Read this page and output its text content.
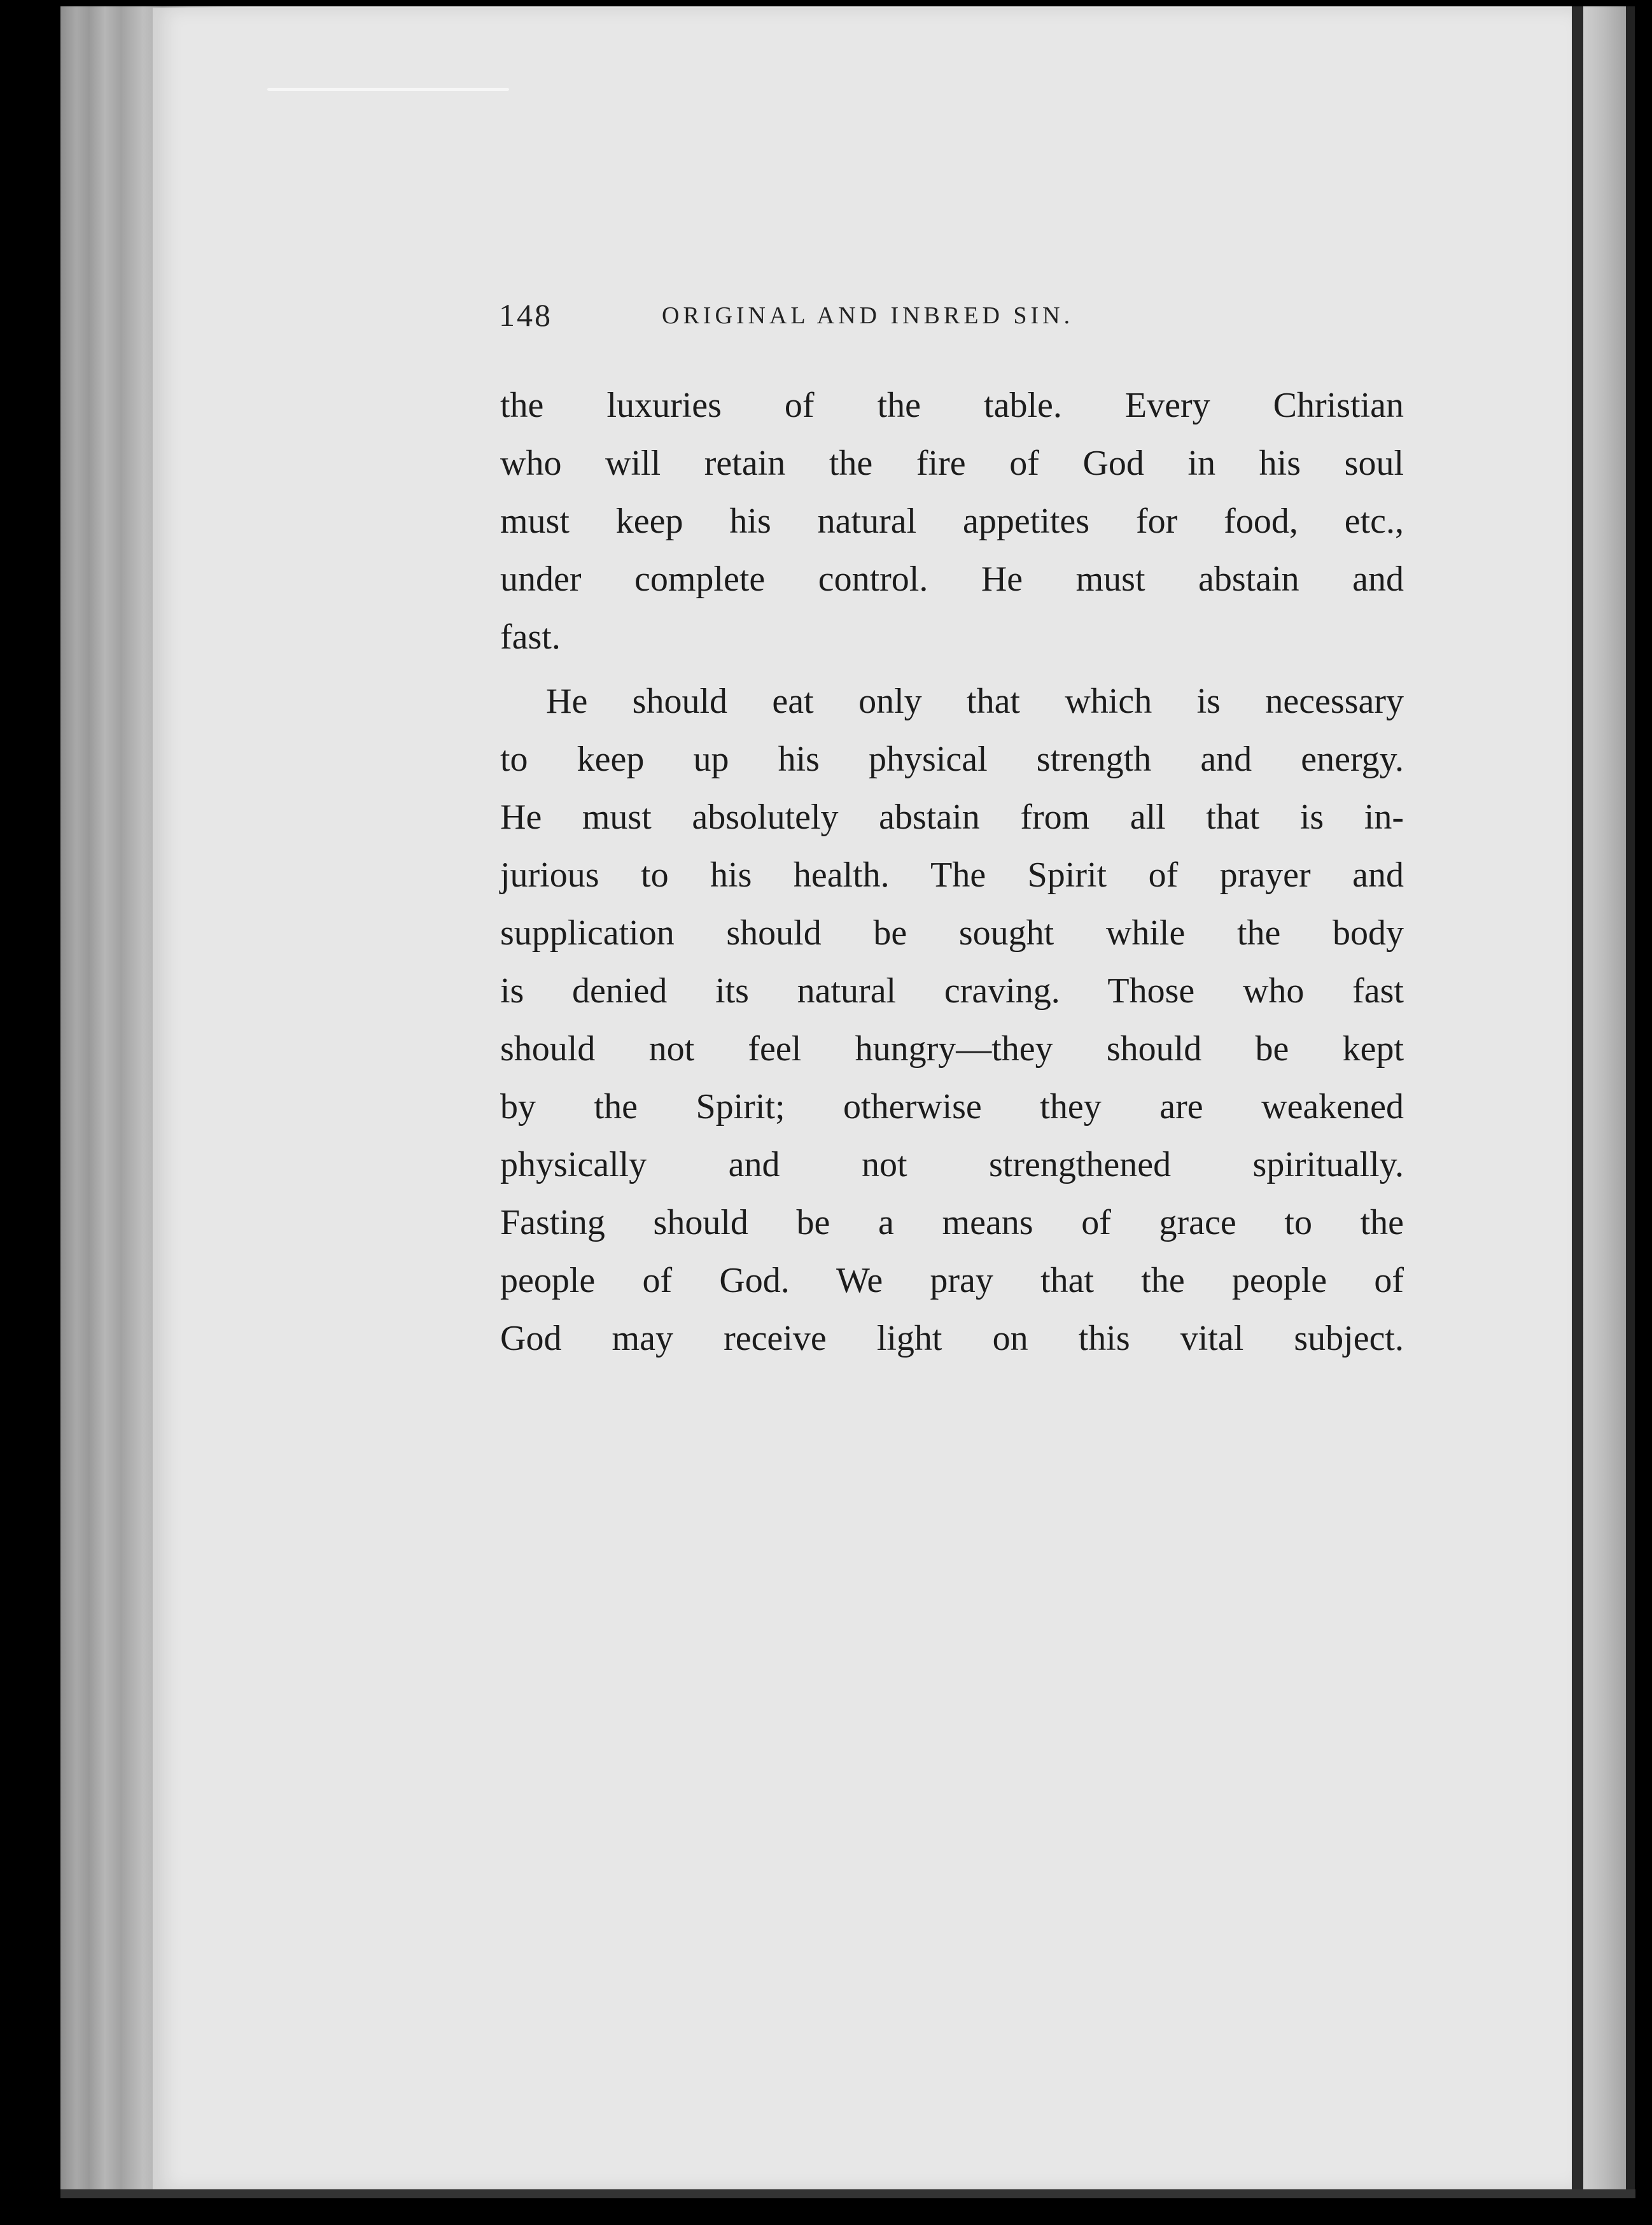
148	ORIGINAL AND INBRED SIN.
the luxuries of the table. Every Christian
who will retain the fire of God in his soul
must keep his natural appetites for food, etc.,
under complete control. He must abstain and
fast.
He should eat only that which is necessary
to keep up his physical strength and energy.
He must absolutely abstain from all that is in-
jurious to his health. The Spirit of prayer and
supplication should be sought while the body
is denied its natural craving. Those who fast
should not feel hungry—they should be kept
by the Spirit; otherwise they are weakened
physically and not strengthened spiritually.
Fasting should be a means of grace to the
people of God. We pray that the people of
God may receive light on this vital subject.
